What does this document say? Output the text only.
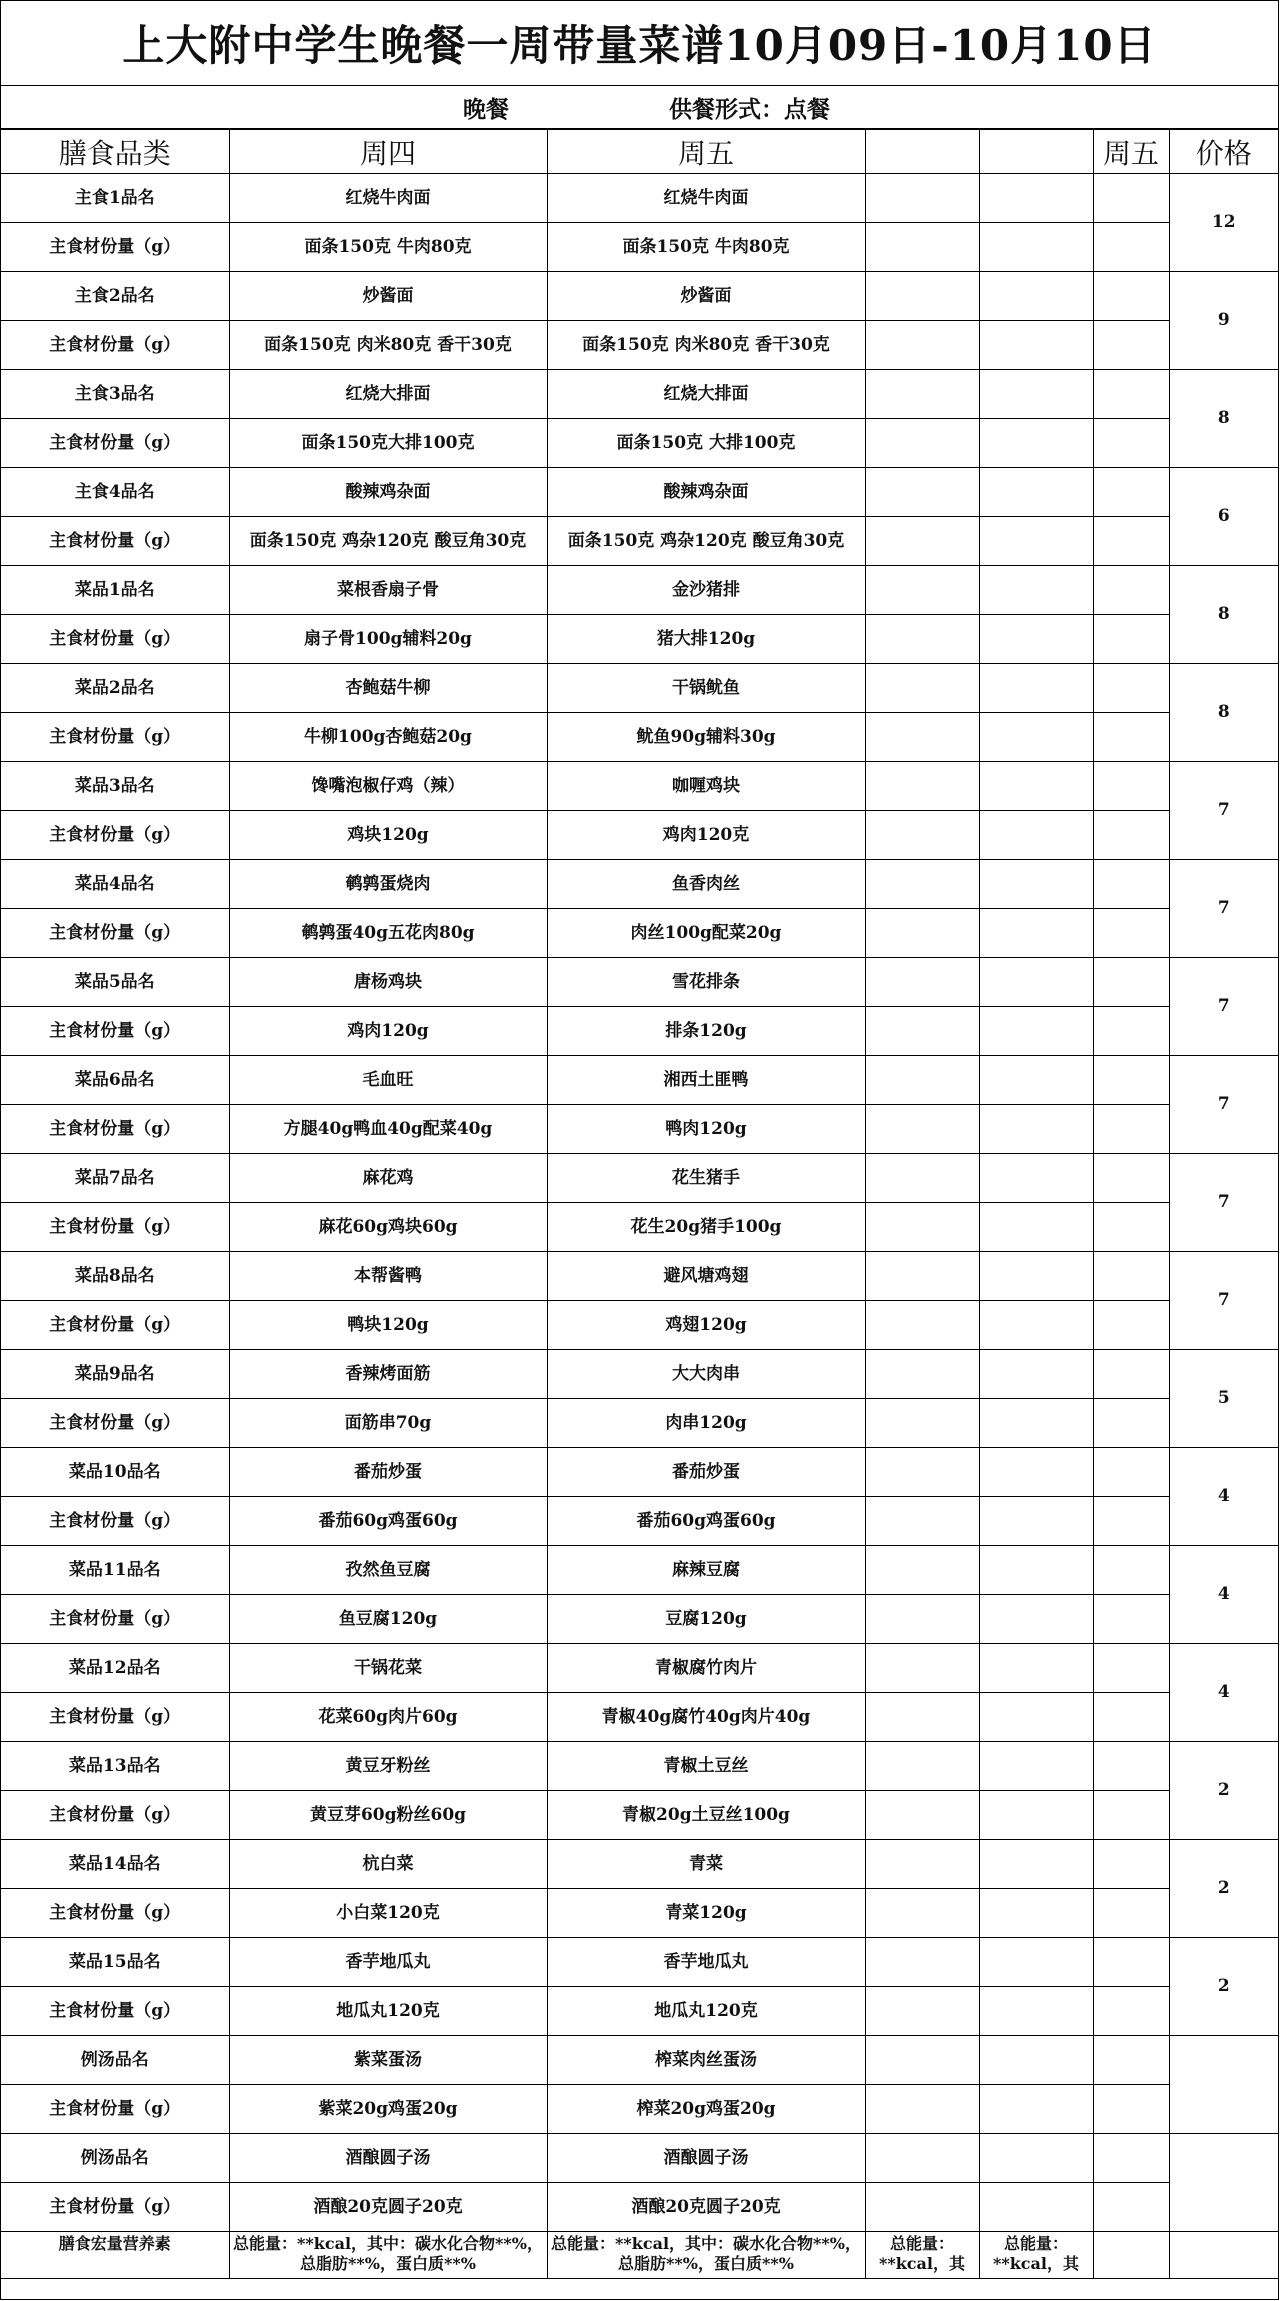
上大附中学生晚餐一周带量菜谱10月09日-10月10日
晚餐	供餐形式：点餐
膳食品类	周四	周五			周五	价格
主食1品名	红烧牛肉面	红烧牛肉面				12
主食材份量（g）	面条150克 牛肉80克	面条150克 牛肉80克				
主食2品名	炒酱面	炒酱面				9
主食材份量（g）	面条150克 肉米80克 香干30克	面条150克 肉米80克 香干30克				
主食3品名	红烧大排面	红烧大排面				8
主食材份量（g）	面条150克大排100克	面条150克 大排100克				
主食4品名	酸辣鸡杂面	酸辣鸡杂面				6
主食材份量（g）	面条150克 鸡杂120克 酸豆角30克	面条150克 鸡杂120克 酸豆角30克				
菜品1品名	菜根香扇子骨	金沙猪排				8
主食材份量（g）	扇子骨100g辅料20g	猪大排120g				
菜品2品名	杏鲍菇牛柳	干锅鱿鱼				8
主食材份量（g）	牛柳100g杏鲍菇20g	鱿鱼90g辅料30g				
菜品3品名	馋嘴泡椒仔鸡（辣）	咖喱鸡块				7
主食材份量（g）	鸡块120g	鸡肉120克				
菜品4品名	鹌鹑蛋烧肉	鱼香肉丝				7
主食材份量（g）	鹌鹑蛋40g五花肉80g	肉丝100g配菜20g				
菜品5品名	唐杨鸡块	雪花排条				7
主食材份量（g）	鸡肉120g	排条120g				
菜品6品名	毛血旺	湘西土匪鸭				7
主食材份量（g）	方腿40g鸭血40g配菜40g	鸭肉120g				
菜品7品名	麻花鸡	花生猪手				7
主食材份量（g）	麻花60g鸡块60g	花生20g猪手100g				
菜品8品名	本帮酱鸭	避风塘鸡翅				7
主食材份量（g）	鸭块120g	鸡翅120g				
菜品9品名	香辣烤面筋	大大肉串				5
主食材份量（g）	面筋串70g	肉串120g				
菜品10品名	番茄炒蛋	番茄炒蛋				4
主食材份量（g）	番茄60g鸡蛋60g	番茄60g鸡蛋60g				
菜品11品名	孜然鱼豆腐	麻辣豆腐				4
主食材份量（g）	鱼豆腐120g	豆腐120g				
菜品12品名	干锅花菜	青椒腐竹肉片				4
主食材份量（g）	花菜60g肉片60g	青椒40g腐竹40g肉片40g				
菜品13品名	黄豆牙粉丝	青椒土豆丝				2
主食材份量（g）	黄豆芽60g粉丝60g	青椒20g土豆丝100g				
菜品14品名	杭白菜	青菜				2
主食材份量（g）	小白菜120克	青菜120g				
菜品15品名	香芋地瓜丸	香芋地瓜丸				2
主食材份量（g）	地瓜丸120克	地瓜丸120克				
例汤品名	紫菜蛋汤	榨菜肉丝蛋汤				
主食材份量（g）	紫菜20g鸡蛋20g	榨菜20g鸡蛋20g				
例汤品名	酒酿圆子汤	酒酿圆子汤				
主食材份量（g）	酒酿20克圆子20克	酒酿20克圆子20克				
膳食宏量营养素	总能量：**kcal，其中：碳水化合物**%，总脂肪**%，蛋白质**%	总能量：**kcal，其中：碳水化合物**%，总脂肪**%，蛋白质**%	总能量：**kcal，其	总能量：**kcal，其		
